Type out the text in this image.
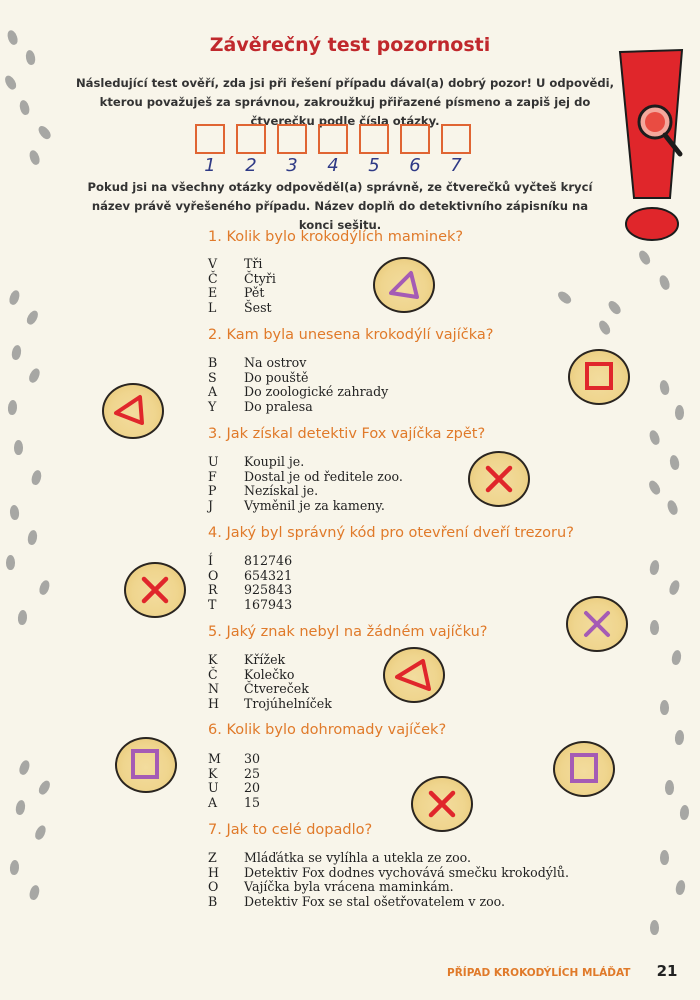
Závěrečný test pozornosti
Následující test ověří, zda jsi při řešení případu dával(a) dobrý pozor! U odpovědi, kterou považuješ za správnou, zakroužkuj přiřazené písmeno a zapiš jej do čtverečku podle čísla otázky.
1	2	3	4	5	6	7
Pokud jsi na všechny otázky odpověděl(a) správně, ze čtverečků vyčteš krycí název právě vyřešeného případu. Název doplň do detektivního zápisníku na konci sešitu.
1. Kolik bylo krokodýlích maminek?
V	Tři
Č	Čtyři
E	Pět
L	Šest
2. Kam byla unesena krokodýlí vajíčka?
B	Na ostrov
S	Do pouště
A	Do zoologické zahrady
Y	Do pralesa
3. Jak získal detektiv Fox vajíčka zpět?
U	Koupil je.
F	Dostal je od ředitele zoo.
P	Nezískal je.
J	Vyměnil je za kameny.
4. Jaký byl správný kód pro otevření dveří trezoru?
Í	812746
O	654321
R	925843
T	167943
5. Jaký znak nebyl na žádném vajíčku?
K	Křížek
Č	Kolečko
N	Čtvereček
H	Trojúhelníček
6. Kolik bylo dohromady vajíček?
M	30
K	25
U	20
A	15
7. Jak to celé dopadlo?
Z	Mláďátka se vylíhla a utekla ze zoo.
H	Detektiv Fox dodnes vychovává smečku krokodýlů.
O	Vajíčka byla vrácena maminkám.
B	Detektiv Fox se stal ošetřovatelem v zoo.
PŘÍPAD KROKODÝLÍCH MLÁĎAT	21
